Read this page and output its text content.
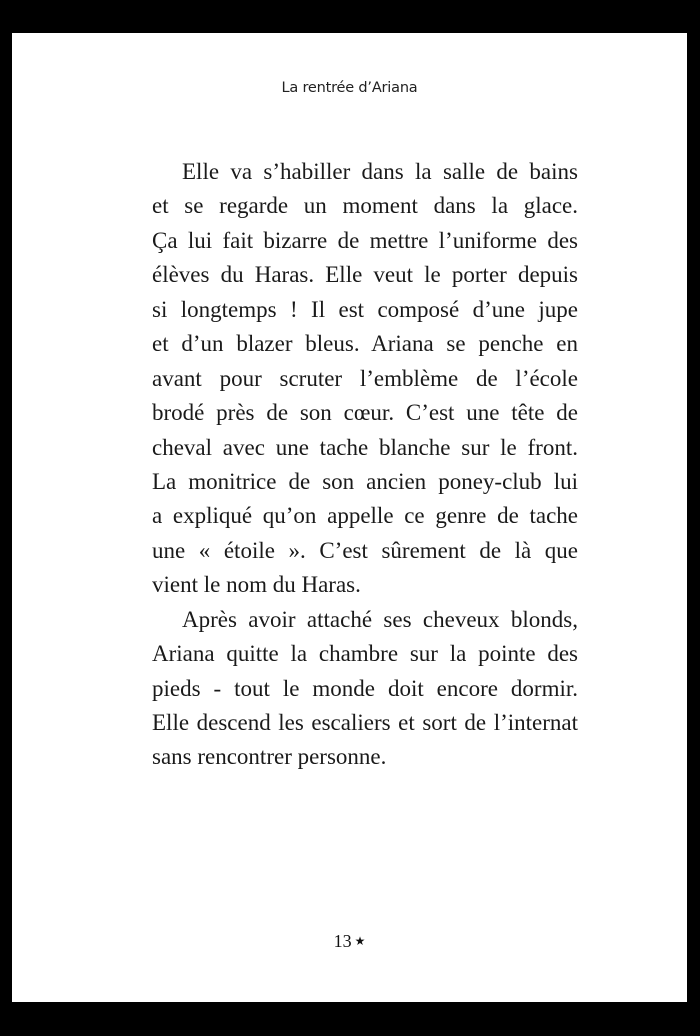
La rentrée d’Ariana
Elle va s’habiller dans la salle de bains
et se regarde un moment dans la glace.
Ça lui fait bizarre de mettre l’uniforme des
élèves du Haras. Elle veut le porter depuis
si longtemps ! Il est composé d’une jupe
et d’un blazer bleus. Ariana se penche en
avant pour scruter l’emblème de l’école
brodé près de son cœur. C’est une tête de
cheval avec une tache blanche sur le front.
La monitrice de son ancien poney-club lui
a expliqué qu’on appelle ce genre de tache
une « étoile ». C’est sûrement de là que
vient le nom du Haras.
Après avoir attaché ses cheveux blonds,
Ariana quitte la chambre sur la pointe des
pieds - tout le monde doit encore dormir.
Elle descend les escaliers et sort de l’internat
sans rencontrer personne.
13 ★
